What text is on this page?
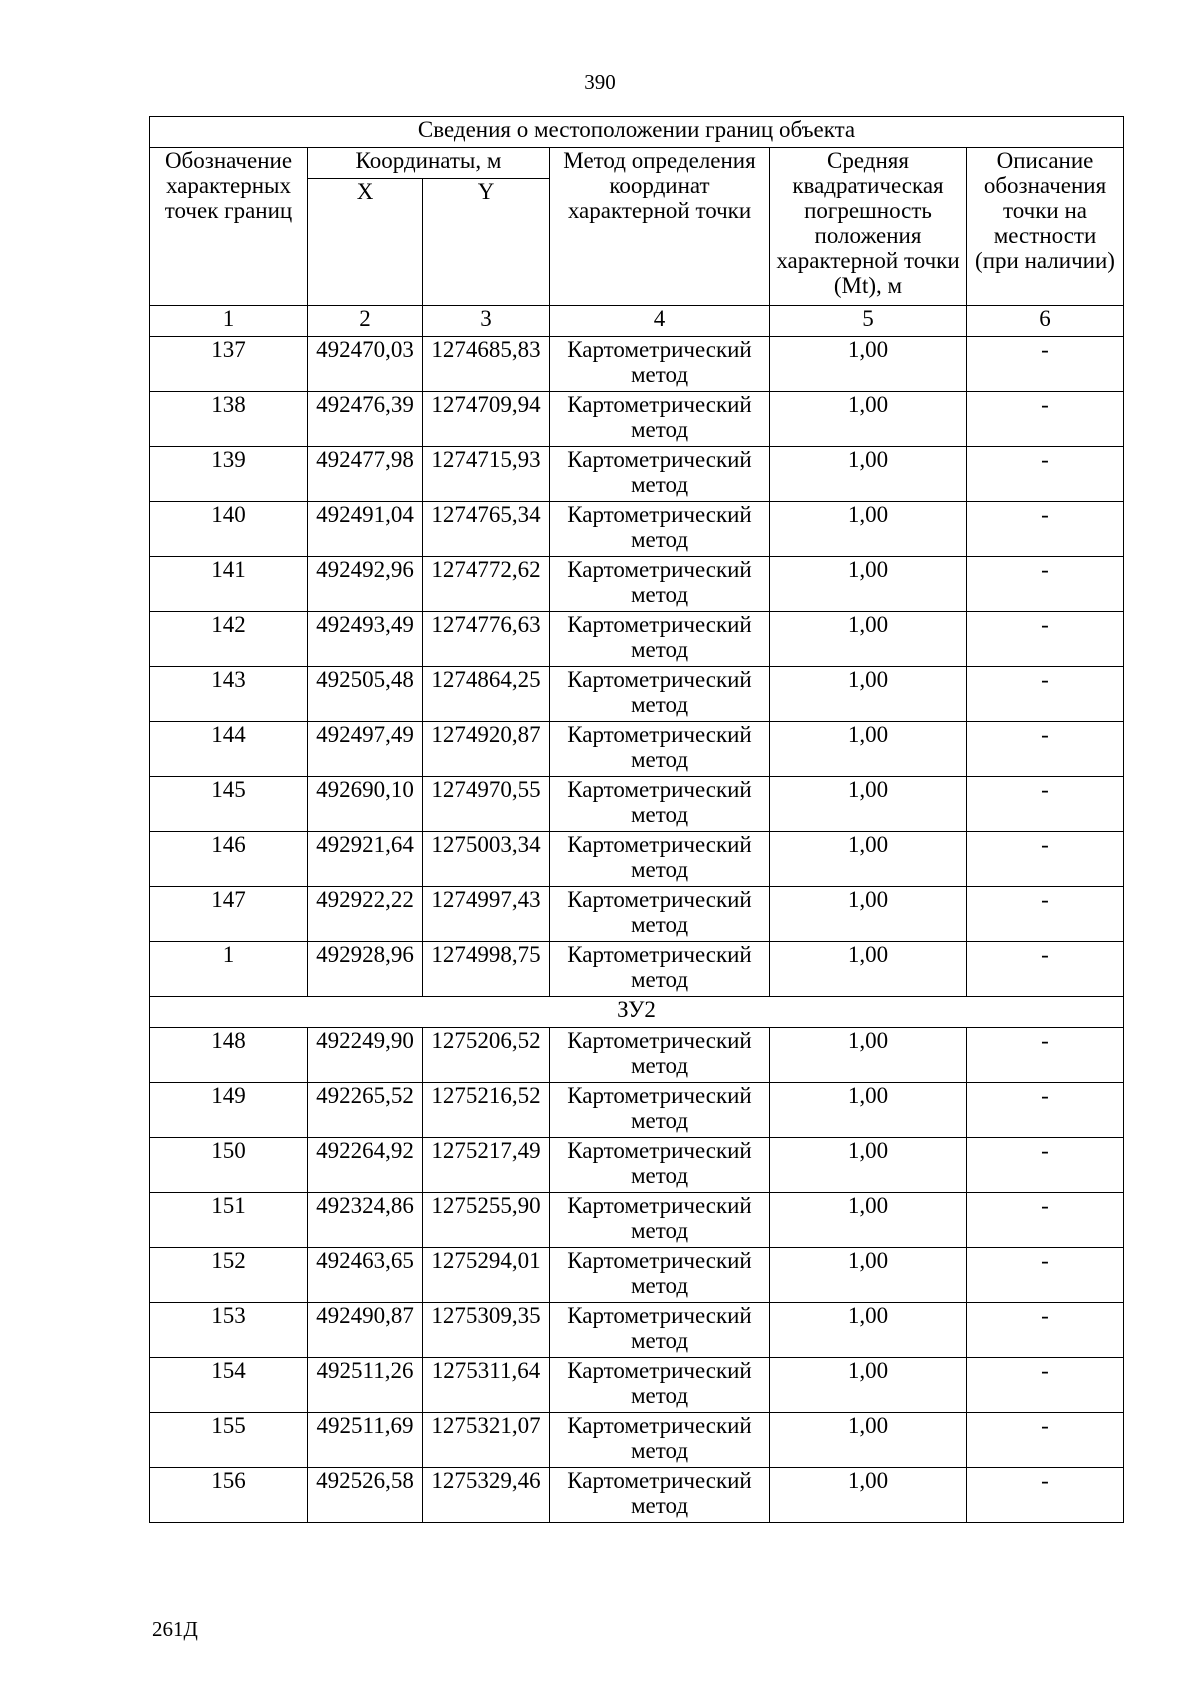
390
Сведения о местоположении границ объекта					
Обозначение характерных точек границ	Координаты, м		Метод определения координат характерной точки	Средняя квадратическая погрешность положения характерной точки (Mt), м	Описание обозначения точки на местности (при наличии)
	X	Y			
1	2	3	4	5	6
137	492470,03	1274685,83	Картометрический метод	1,00	-
138	492476,39	1274709,94	Картометрический метод	1,00	-
139	492477,98	1274715,93	Картометрический метод	1,00	-
140	492491,04	1274765,34	Картометрический метод	1,00	-
141	492492,96	1274772,62	Картометрический метод	1,00	-
142	492493,49	1274776,63	Картометрический метод	1,00	-
143	492505,48	1274864,25	Картометрический метод	1,00	-
144	492497,49	1274920,87	Картометрический метод	1,00	-
145	492690,10	1274970,55	Картометрический метод	1,00	-
146	492921,64	1275003,34	Картометрический метод	1,00	-
147	492922,22	1274997,43	Картометрический метод	1,00	-
1	492928,96	1274998,75	Картометрический метод	1,00	-
ЗУ2					
148	492249,90	1275206,52	Картометрический метод	1,00	-
149	492265,52	1275216,52	Картометрический метод	1,00	-
150	492264,92	1275217,49	Картометрический метод	1,00	-
151	492324,86	1275255,90	Картометрический метод	1,00	-
152	492463,65	1275294,01	Картометрический метод	1,00	-
153	492490,87	1275309,35	Картометрический метод	1,00	-
154	492511,26	1275311,64	Картометрический метод	1,00	-
155	492511,69	1275321,07	Картометрический метод	1,00	-
156	492526,58	1275329,46	Картометрический метод	1,00	-
261Д
